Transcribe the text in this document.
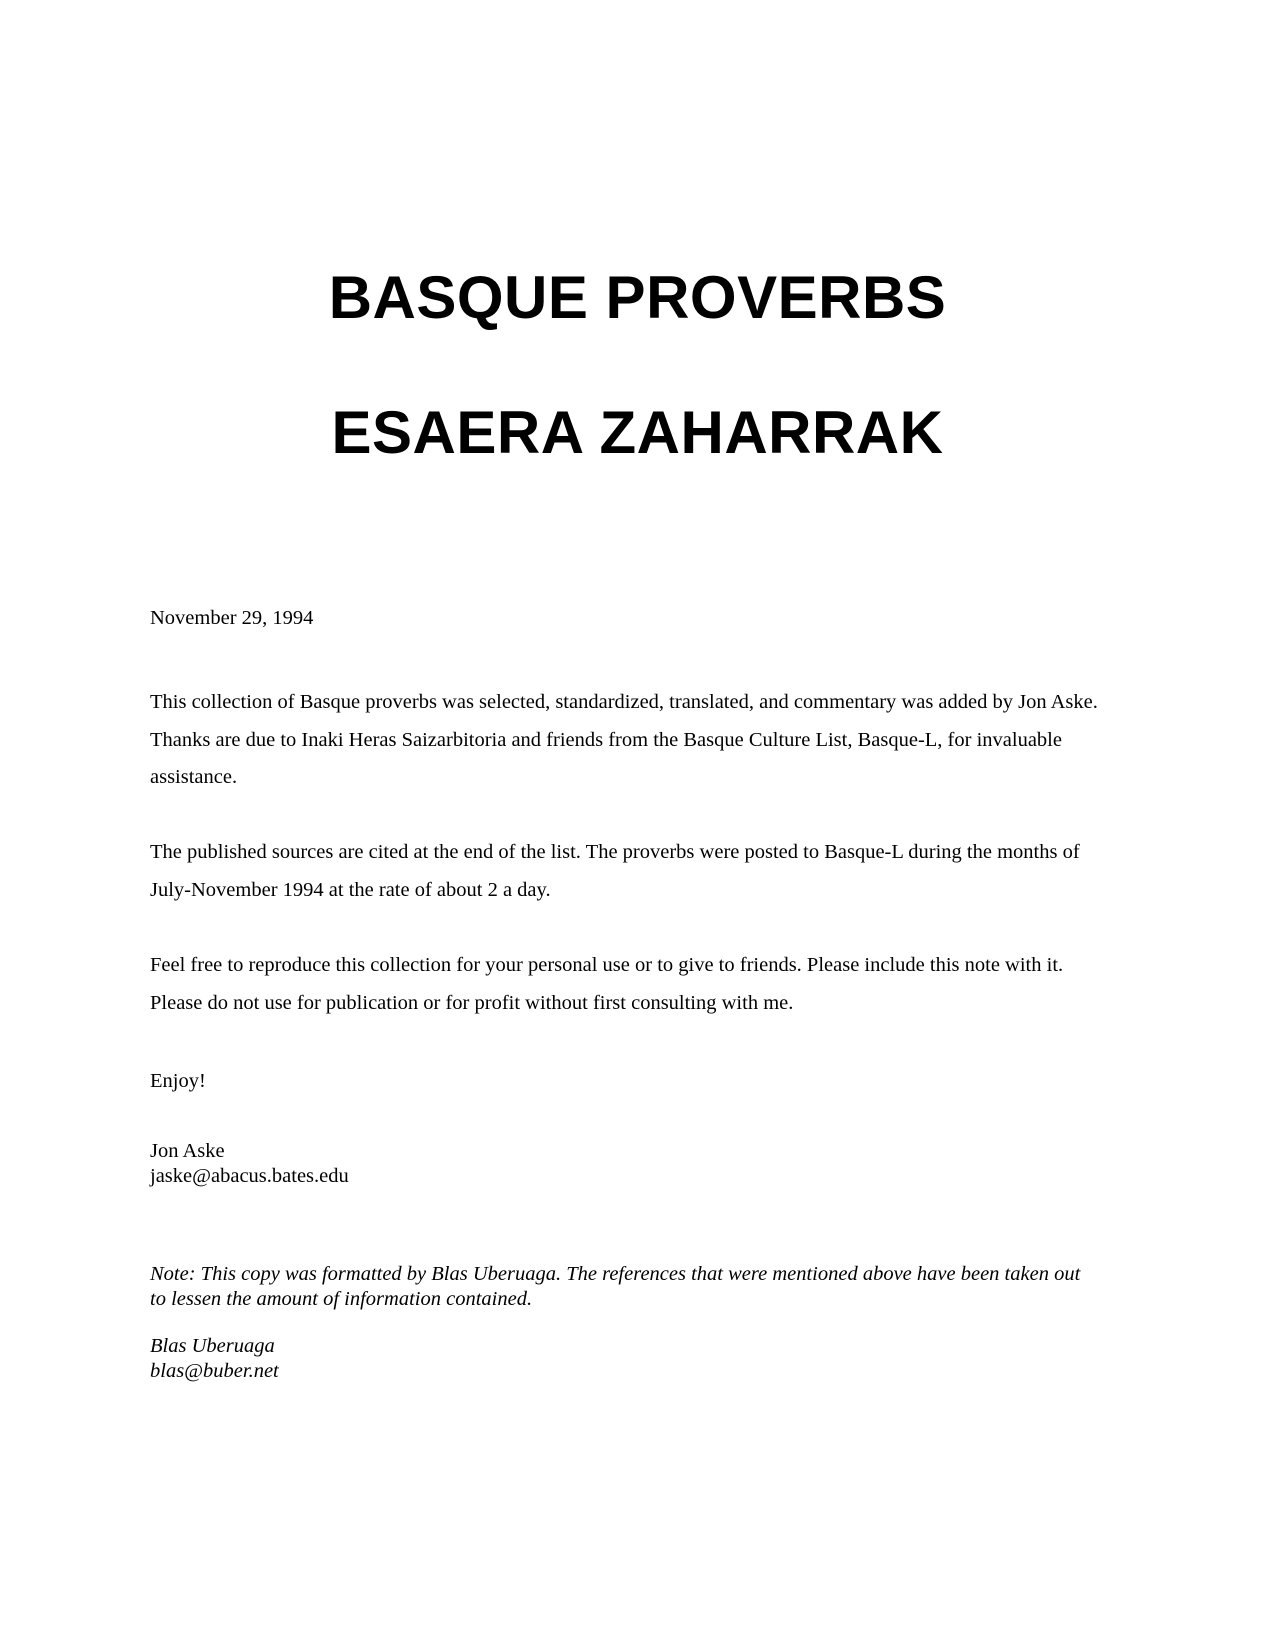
BASQUE PROVERBS
ESAERA ZAHARRAK

November 29, 1994

This collection of Basque proverbs was selected, standardized, translated, and commentary was added by Jon Aske.
Thanks are due to Inaki Heras Saizarbitoria and friends from the Basque Culture List, Basque-L, for invaluable
assistance.

The published sources are cited at the end of the list. The proverbs were posted to Basque-L during the months of
July-November 1994 at the rate of about 2 a day.

Feel free to reproduce this collection for your personal use or to give to friends. Please include this note with it.
Please do not use for publication or for profit without first consulting with me.

Enjoy!

Jon Aske
jaske@abacus.bates.edu

Note: This copy was formatted by Blas Uberuaga. The references that were mentioned above have been taken out
to lessen the amount of information contained.

Blas Uberuaga
blas@buber.net
